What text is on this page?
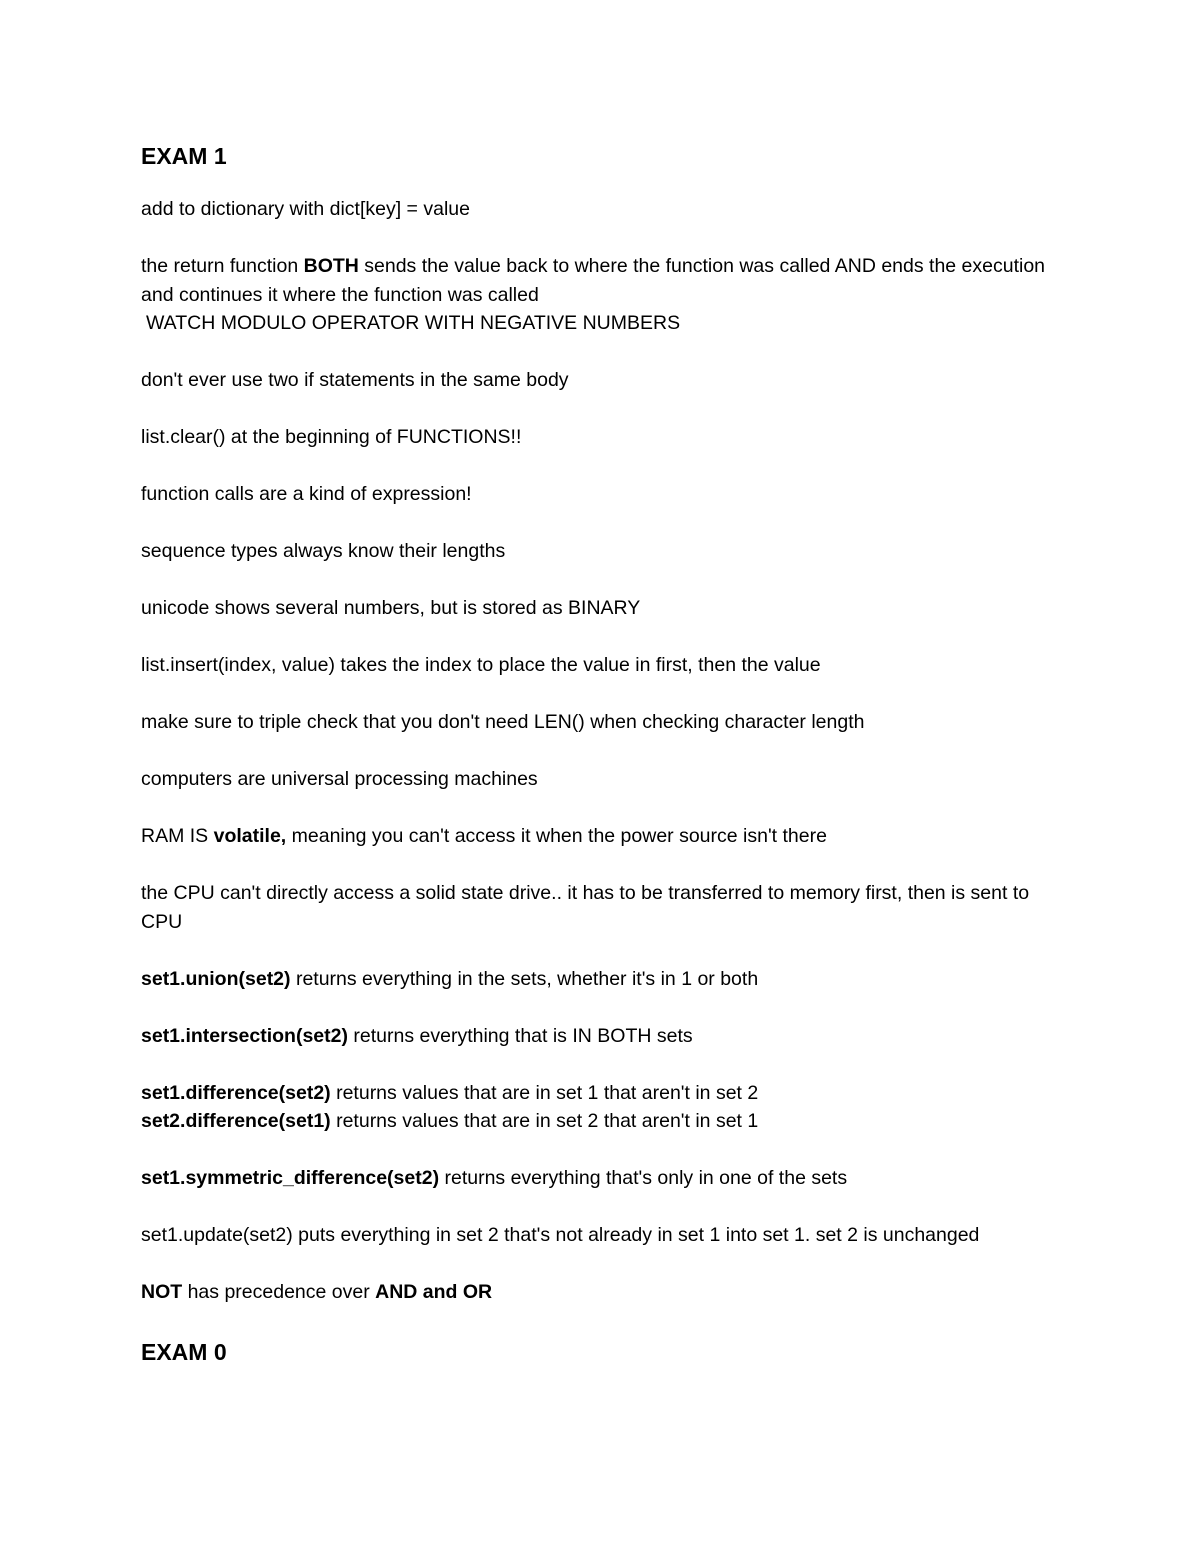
EXAM 1

add to dictionary with dict[key] = value

the return function BOTH sends the value back to where the function was called AND ends the execution and continues it where the function was called

WATCH MODULO OPERATOR WITH NEGATIVE NUMBERS

don't ever use two if statements in the same body

list.clear() at the beginning of FUNCTIONS!!

function calls are a kind of expression!

sequence types always know their lengths

unicode shows several numbers, but is stored as BINARY

list.insert(index, value) takes the index to place the value in first, then the value

make sure to triple check that you don't need LEN() when checking character length

computers are universal processing machines

RAM IS volatile, meaning you can't access it when the power source isn't there

the CPU can't directly access a solid state drive.. it has to be transferred to memory first, then is sent to CPU

set1.union(set2) returns everything in the sets, whether it's in 1 or both

set1.intersection(set2) returns everything that is IN BOTH sets

set1.difference(set2) returns values that are in set 1 that aren't in set 2

set2.difference(set1) returns values that are in set 2 that aren't in set 1

set1.symmetric_difference(set2) returns everything that's only in one of the sets

set1.update(set2) puts everything in set 2 that's not already in set 1 into set 1. set 2 is unchanged

NOT has precedence over AND and OR

EXAM 0
